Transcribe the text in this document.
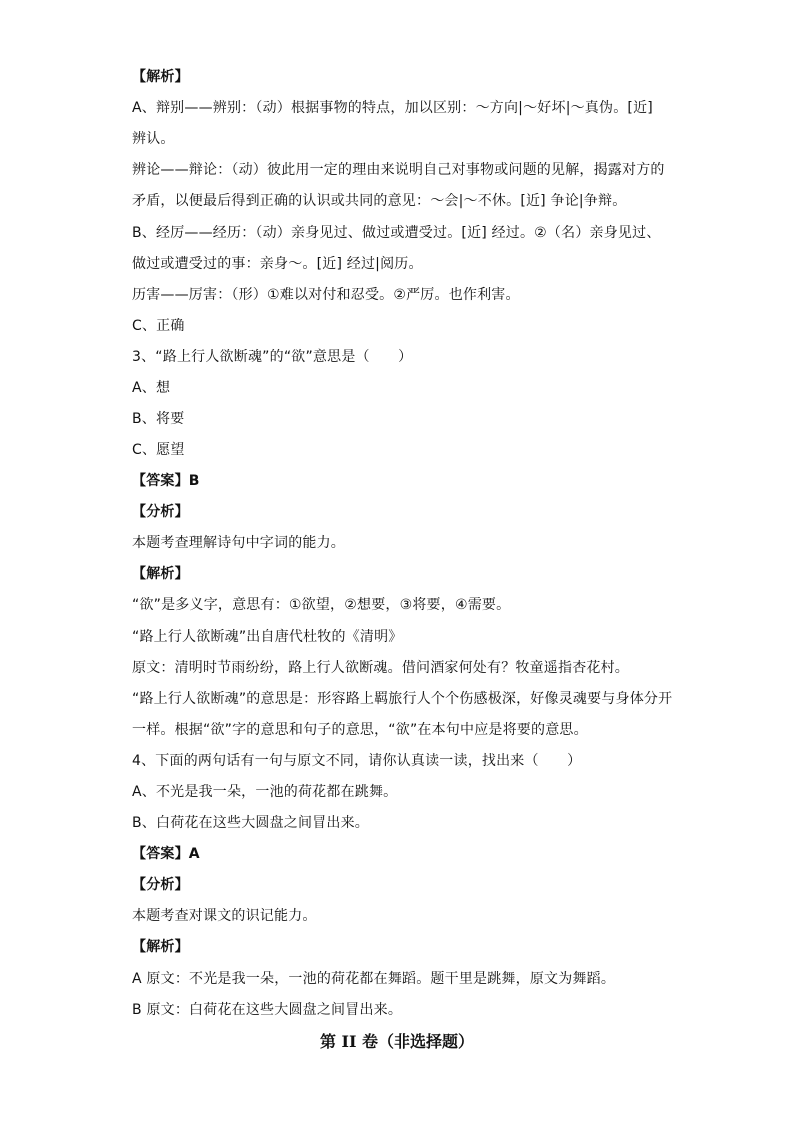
【解析】
A、辩别——辨别：（动）根据事物的特点，加以区别：～方向|～好坏|～真伪。[近]
辨认。
辨论——辩论：（动）彼此用一定的理由来说明自己对事物或问题的见解，揭露对方的
矛盾，以便最后得到正确的认识或共同的意见：～会|～不休。[近] 争论|争辩。
B、经厉——经历：（动）亲身见过、做过或遭受过。[近] 经过。②（名）亲身见过、
做过或遭受过的事：亲身～。[近] 经过|阅历。
历害——厉害：（形）①难以对付和忍受。②严厉。也作利害。
C、正确
3、“路上行人欲断魂”的“欲”意思是（　　）
A、想
B、将要
C、愿望
【答案】B
【分析】
本题考查理解诗句中字词的能力。
【解析】
“欲”是多义字，意思有：①欲望，②想要，③将要，④需要。
“路上行人欲断魂”出自唐代杜牧的《清明》
原文：清明时节雨纷纷，路上行人欲断魂。借问酒家何处有？牧童遥指杏花村。
“路上行人欲断魂”的意思是：形容路上羁旅行人个个伤感极深，好像灵魂要与身体分开
一样。根据“欲”字的意思和句子的意思，“欲”在本句中应是将要的意思。
4、下面的两句话有一句与原文不同，请你认真读一读，找出来（　　）
A、不光是我一朵，一池的荷花都在跳舞。
B、白荷花在这些大圆盘之间冒出来。
【答案】A
【分析】
本题考查对课文的识记能力。
【解析】
A 原文：不光是我一朵，一池的荷花都在舞蹈。题干里是跳舞，原文为舞蹈。
B 原文：白荷花在这些大圆盘之间冒出来。
第 II 卷（非选择题）
